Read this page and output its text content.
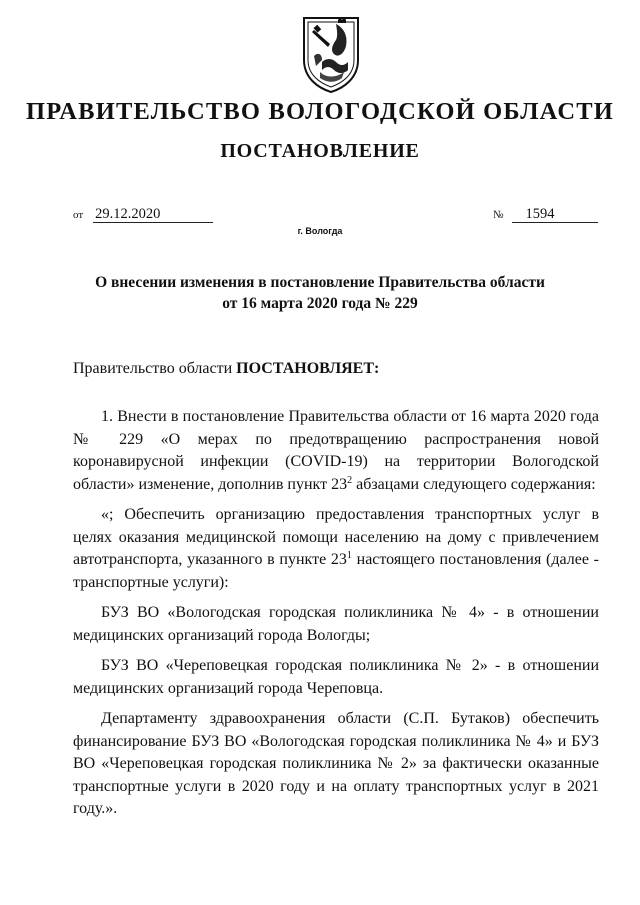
ПРАВИТЕЛЬСТВО ВОЛОГОДСКОЙ ОБЛАСТИ
ПОСТАНОВЛЕНИЕ
от 29.12.2020	№ 1594
г. Вологда
О внесении изменения в постановление Правительства области
от 16 марта 2020 года № 229
Правительство области ПОСТАНОВЛЯЕТ:

1. Внести в постановление Правительства области от 16 марта 2020 года № 229 «О мерах по предотвращению распространения новой коронавирусной инфекции (COVID-19) на территории Вологодской области» изменение, дополнив пункт $23^2$ абзацами следующего содержания:

«; Обеспечить организацию предоставления транспортных услуг в целях оказания медицинской помощи населению на дому с привлечением автотранспорта, указанного в пункте $23^1$ настоящего постановления (далее - транспортные услуги):

БУЗ ВО «Вологодская городская поликлиника № 4» - в отношении медицинских организаций города Вологды;

БУЗ ВО «Череповецкая городская поликлиника № 2» - в отношении медицинских организаций города Череповца.

Департаменту здравоохранения области (С.П. Бутаков) обеспечить финансирование БУЗ ВО «Вологодская городская поликлиника № 4» и БУЗ ВО «Череповецкая городская поликлиника № 2» за фактически оказанные транспортные услуги в 2020 году и на оплату транспортных услуг в 2021 году.».
